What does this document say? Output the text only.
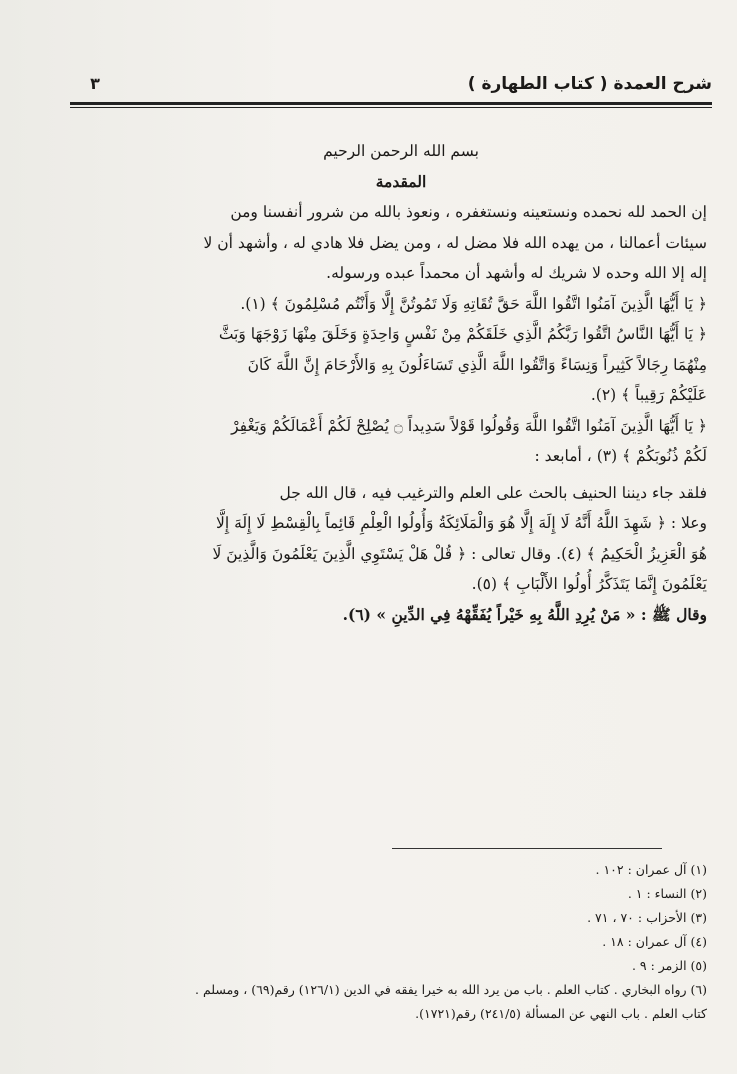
شرح العمدة ( كتاب الطهارة )
٣
بسم الله الرحمن الرحيم
المقدمة
إن الحمد لله نحمده ونستعينه ونستغفره ، ونعوذ بالله من شرور أنفسنا ومن
سيئات أعمالنا ، من يهده الله فلا مضل له ، ومن يضل فلا هادي له ، وأشهد أن لا
إله إلا الله وحده لا شريك له وأشهد أن محمداً عبده ورسوله.
﴿ يَا أَيُّهَا الَّذِينَ آمَنُوا اتَّقُوا اللَّهَ حَقَّ تُقَاتِهِ وَلَا تَمُوتُنَّ إِلَّا وَأَنْتُم مُسْلِمُونَ ﴾ (١).
﴿ يَا أَيُّهَا النَّاسُ اتَّقُوا رَبَّكُمُ الَّذِي خَلَقَكُمْ مِنْ نَفْسٍ وَاحِدَةٍ وَخَلَقَ مِنْهَا زَوْجَهَا وَبَثَّ
مِنْهُمَا رِجَالاً كَثِيراً وَنِسَاءً وَاتَّقُوا اللَّهَ الَّذِي تَسَاءَلُونَ بِهِ وَالأَرْحَامَ إِنَّ اللَّهَ كَانَ
عَلَيْكُمْ رَقِيباً ﴾ (٢).
﴿ يَا أَيُّهَا الَّذِينَ آمَنُوا اتَّقُوا اللَّهَ وَقُولُوا قَوْلاً سَدِيداً ۝ يُصْلِحْ لَكُمْ أَعْمَالَكُمْ وَيَغْفِرْ
لَكُمْ ذُنُوبَكُمْ ﴾ (٣) ، أمابعد :
فلقد جاء ديننا الحنيف بالحث على العلم والترغيب فيه ، قال الله جل
وعلا : ﴿ شَهِدَ اللَّهُ أَنَّهُ لَا إِلَهَ إِلَّا هُوَ وَالْمَلَائِكَةُ وَأُولُوا الْعِلْمِ قَائِماً بِالْقِسْطِ لَا إِلَهَ إِلَّا
هُوَ الْعَزِيزُ الْحَكِيمُ ﴾ (٤). وقال تعالى : ﴿ قُلْ هَلْ يَسْتَوِي الَّذِينَ يَعْلَمُونَ وَالَّذِينَ لَا
يَعْلَمُونَ إِنَّمَا يَتَذَكَّرُ أُولُوا الأَلْبَابِ ﴾ (٥).
وقال ﷺ : « مَنْ يُرِدِ اللَّهُ بِهِ خَيْراً يُفَقِّهْهُ فِي الدِّينِ » (٦).
(١) آل عمران : ١٠٢ .
(٢) النساء : ١ .
(٣) الأحزاب : ٧٠ ، ٧١ .
(٤) آل عمران : ١٨ .
(٥) الزمر : ٩ .
(٦) رواه البخاري . كتاب العلم . باب من يرد الله به خيرا يفقه في الدين (١٢٦/١) رقم(٦٩) ، ومسلم .
كتاب العلم . باب النهي عن المسألة (٢٤١/٥) رقم(١٧٢١).
